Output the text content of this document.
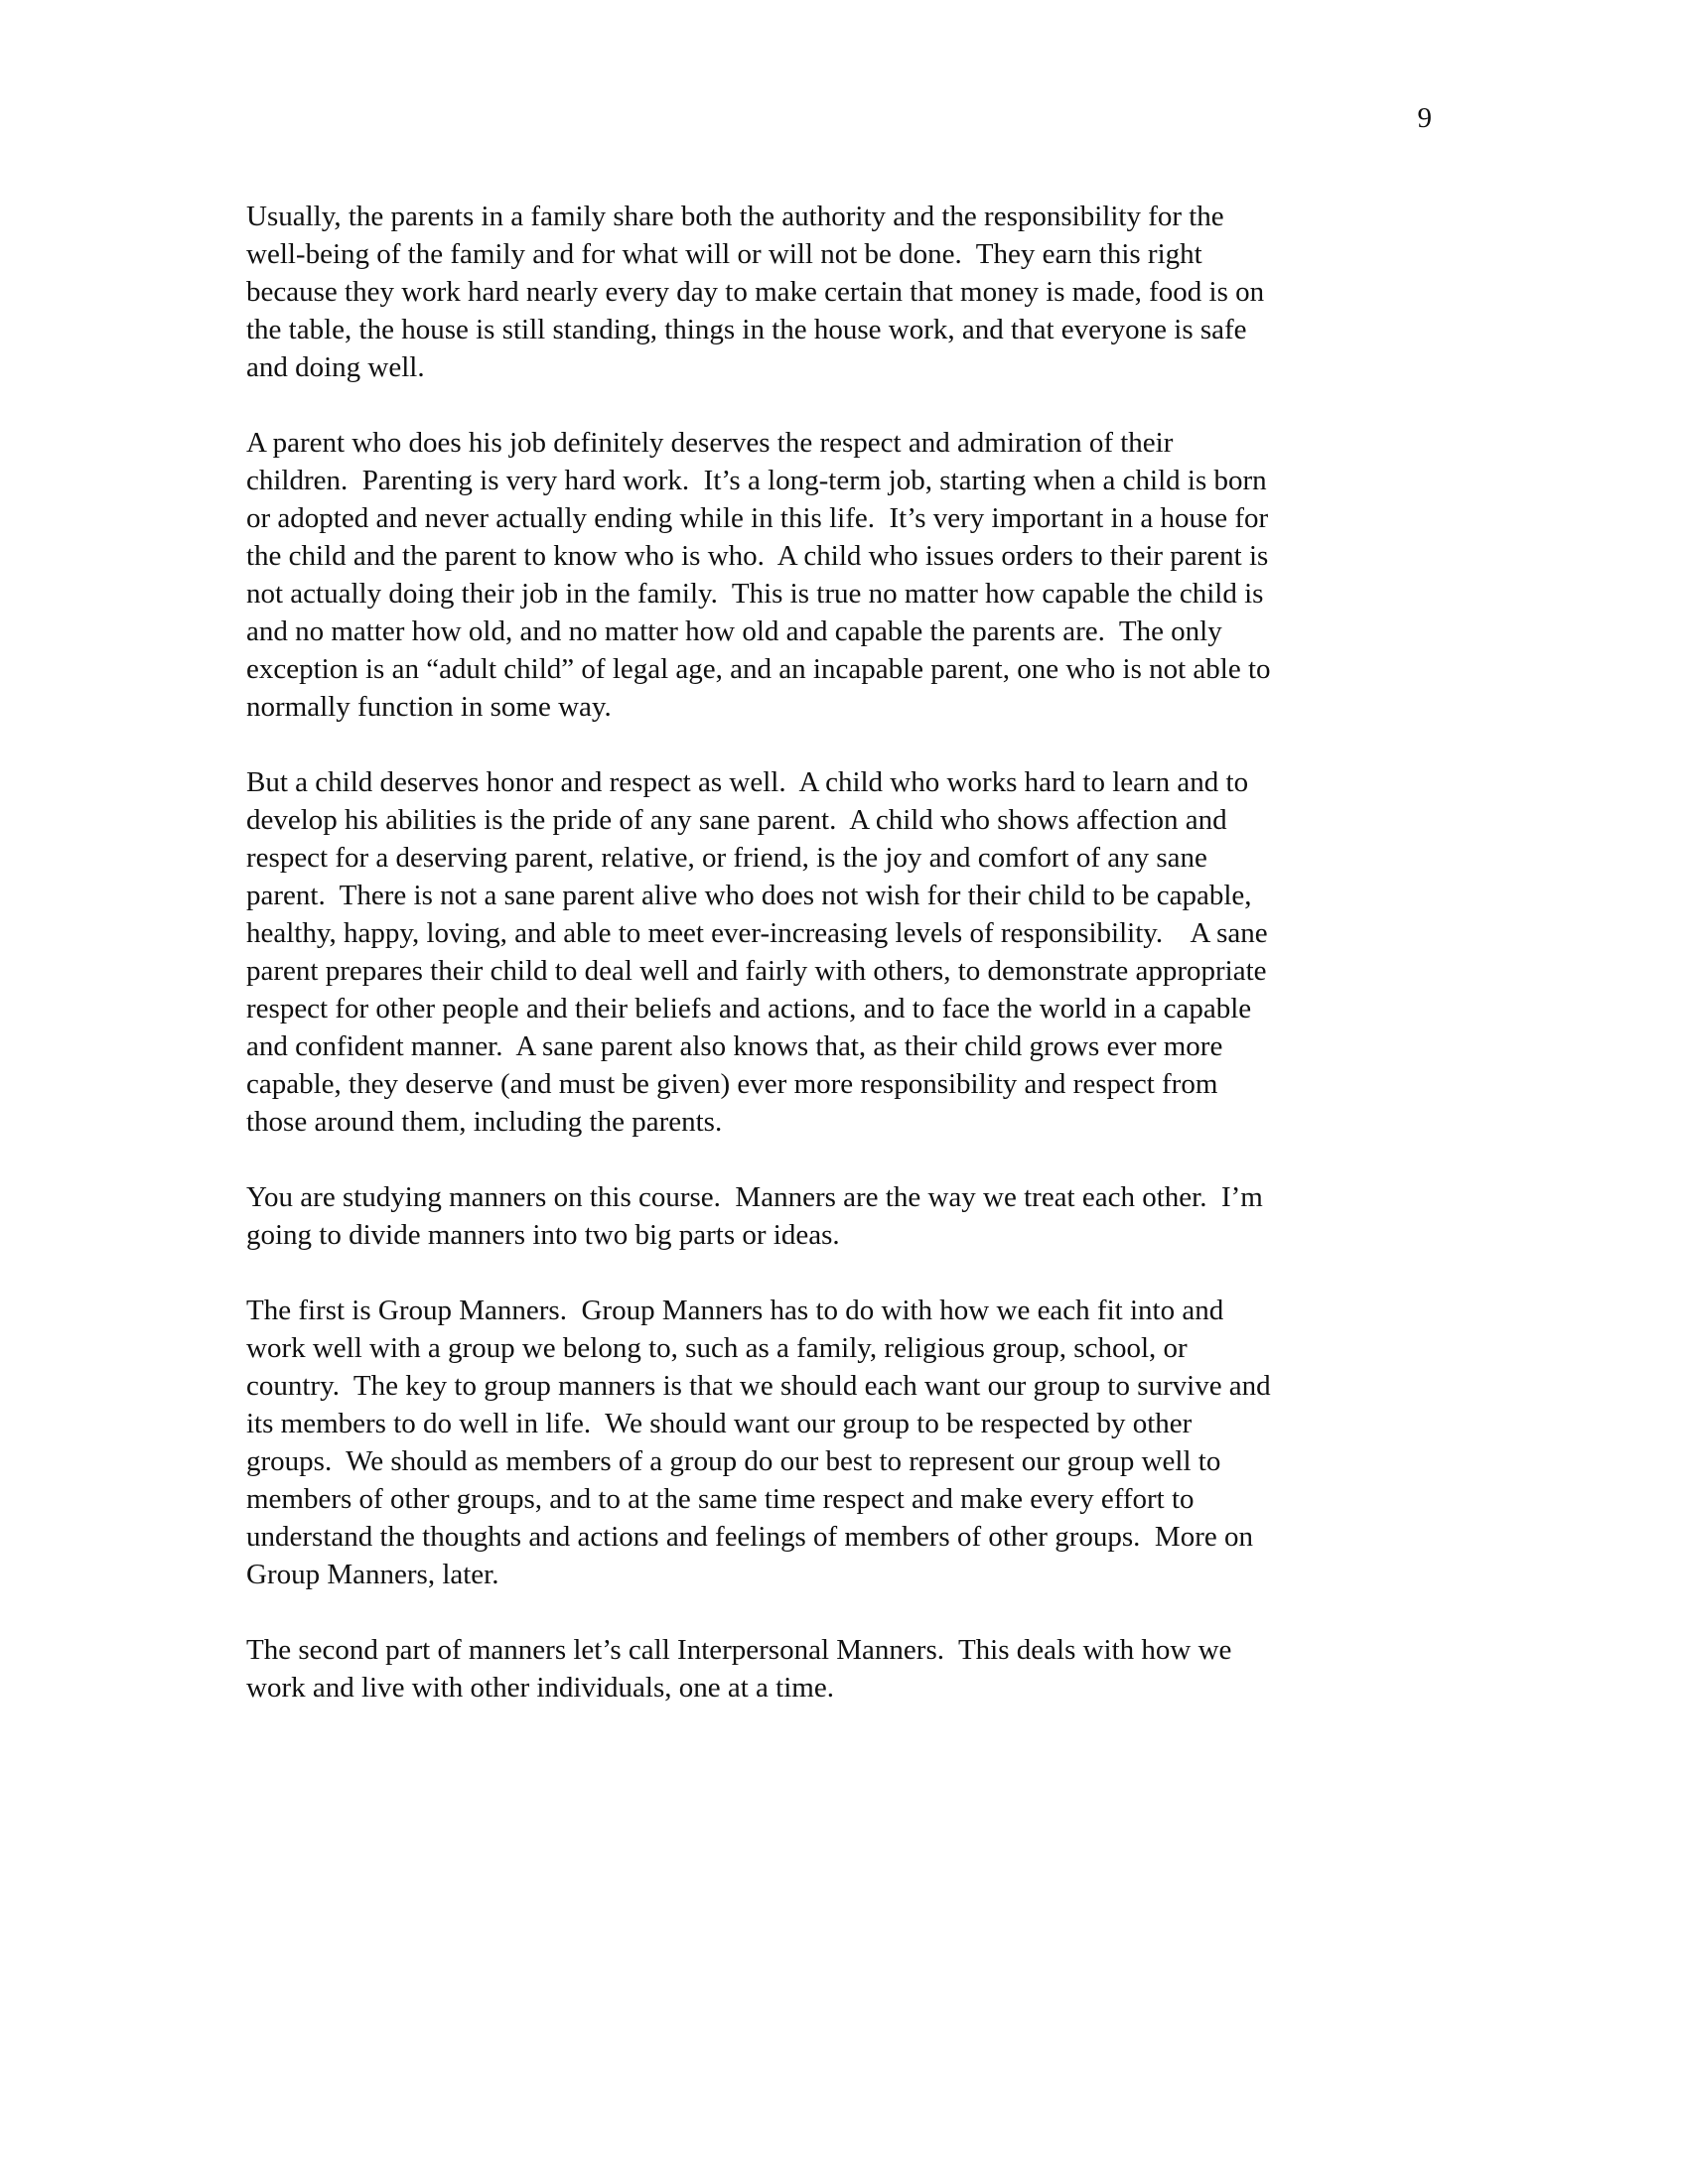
9

Usually, the parents in a family share both the authority and the responsibility for the
well-being of the family and for what will or will not be done.  They earn this right
because they work hard nearly every day to make certain that money is made, food is on
the table, the house is still standing, things in the house work, and that everyone is safe
and doing well.

A parent who does his job definitely deserves the respect and admiration of their
children.  Parenting is very hard work.  It’s a long-term job, starting when a child is born
or adopted and never actually ending while in this life.  It’s very important in a house for
the child and the parent to know who is who.  A child who issues orders to their parent is
not actually doing their job in the family.  This is true no matter how capable the child is
and no matter how old, and no matter how old and capable the parents are.  The only
exception is an “adult child” of legal age, and an incapable parent, one who is not able to
normally function in some way.

But a child deserves honor and respect as well.  A child who works hard to learn and to
develop his abilities is the pride of any sane parent.  A child who shows affection and
respect for a deserving parent, relative, or friend, is the joy and comfort of any sane
parent.  There is not a sane parent alive who does not wish for their child to be capable,
healthy, happy, loving, and able to meet ever-increasing levels of responsibility.    A sane
parent prepares their child to deal well and fairly with others, to demonstrate appropriate
respect for other people and their beliefs and actions, and to face the world in a capable
and confident manner.  A sane parent also knows that, as their child grows ever more
capable, they deserve (and must be given) ever more responsibility and respect from
those around them, including the parents.

You are studying manners on this course.  Manners are the way we treat each other.  I’m
going to divide manners into two big parts or ideas.

The first is Group Manners.  Group Manners has to do with how we each fit into and
work well with a group we belong to, such as a family, religious group, school, or
country.  The key to group manners is that we should each want our group to survive and
its members to do well in life.  We should want our group to be respected by other
groups.  We should as members of a group do our best to represent our group well to
members of other groups, and to at the same time respect and make every effort to
understand the thoughts and actions and feelings of members of other groups.  More on
Group Manners, later.

The second part of manners let’s call Interpersonal Manners.  This deals with how we
work and live with other individuals, one at a time.
